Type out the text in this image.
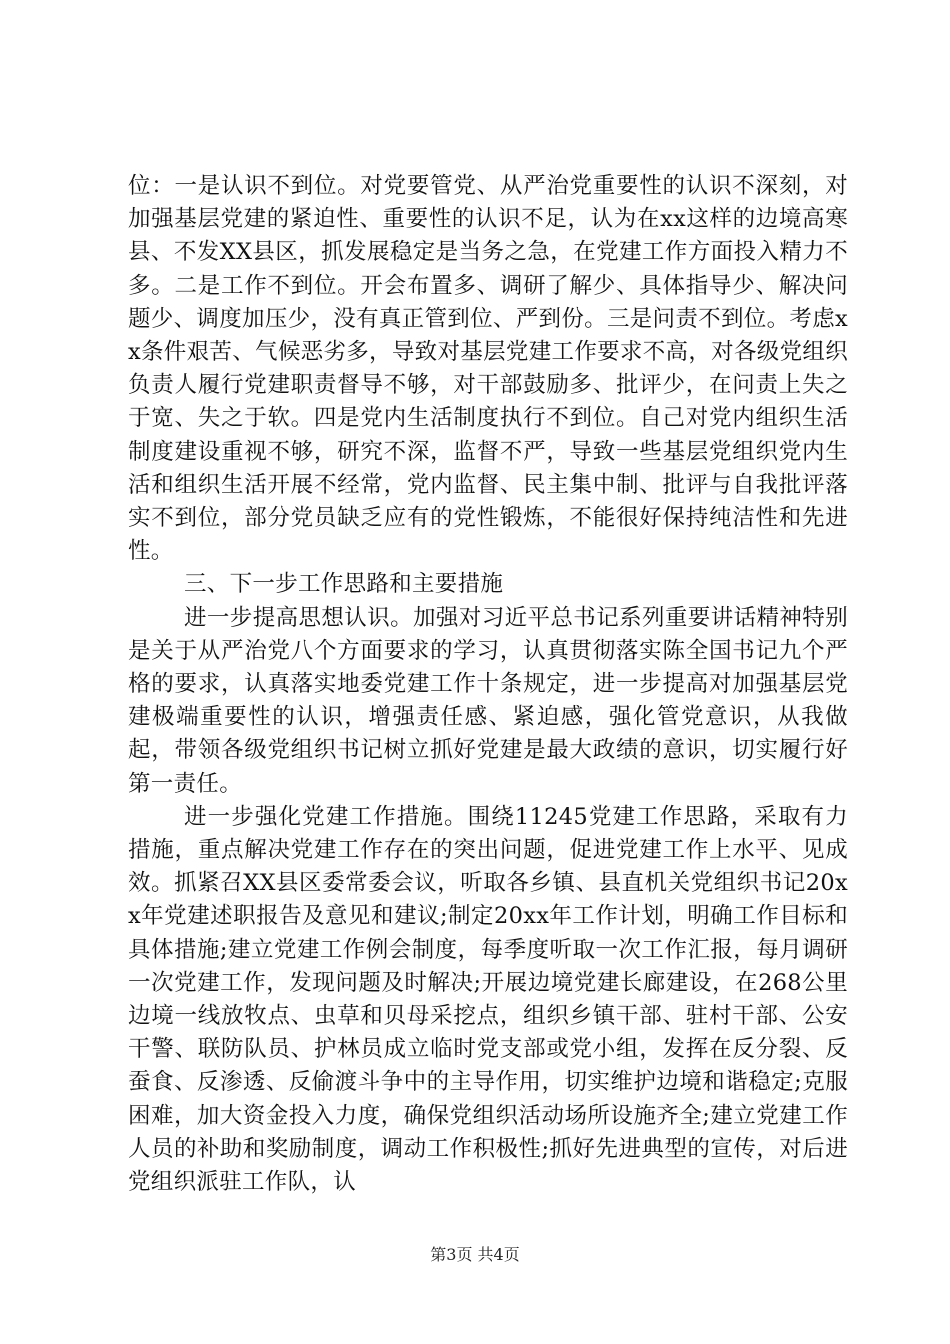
位：一是认识不到位。对党要管党、从严治党重要性的认识不深刻，对加强基层党建的紧迫性、重要性的认识不足，认为在xx这样的边境高寒县、不发XX县区，抓发展稳定是当务之急，在党建工作方面投入精力不多。二是工作不到位。开会布置多、调研了解少、具体指导少、解决问题少、调度加压少，没有真正管到位、严到份。三是问责不到位。考虑xx条件艰苦、气候恶劣多，导致对基层党建工作要求不高，对各级党组织负责人履行党建职责督导不够，对干部鼓励多、批评少，在问责上失之于宽、失之于软。四是党内生活制度执行不到位。自己对党内组织生活制度建设重视不够，研究不深，监督不严，导致一些基层党组织党内生活和组织生活开展不经常，党内监督、民主集中制、批评与自我批评落实不到位，部分党员缺乏应有的党性锻炼，不能很好保持纯洁性和先进性。

三、下一步工作思路和主要措施

进一步提高思想认识。加强对习近平总书记系列重要讲话精神特别是关于从严治党八个方面要求的学习，认真贯彻落实陈全国书记九个严格的要求，认真落实地委党建工作十条规定，进一步提高对加强基层党建极端重要性的认识，增强责任感、紧迫感，强化管党意识，从我做起，带领各级党组织书记树立抓好党建是最大政绩的意识，切实履行好第一责任。

进一步强化党建工作措施。围绕11245党建工作思路，采取有力措施，重点解决党建工作存在的突出问题，促进党建工作上水平、见成效。抓紧召XX县区委常委会议，听取各乡镇、县直机关党组织书记20xx年党建述职报告及意见和建议;制定20xx年工作计划，明确工作目标和具体措施;建立党建工作例会制度，每季度听取一次工作汇报，每月调研一次党建工作，发现问题及时解决;开展边境党建长廊建设，在268公里边境一线放牧点、虫草和贝母采挖点，组织乡镇干部、驻村干部、公安干警、联防队员、护林员成立临时党支部或党小组，发挥在反分裂、反蚕食、反渗透、反偷渡斗争中的主导作用，切实维护边境和谐稳定;克服困难，加大资金投入力度，确保党组织活动场所设施齐全;建立党建工作人员的补助和奖励制度，调动工作积极性;抓好先进典型的宣传，对后进党组织派驻工作队，认

第3页 共4页
